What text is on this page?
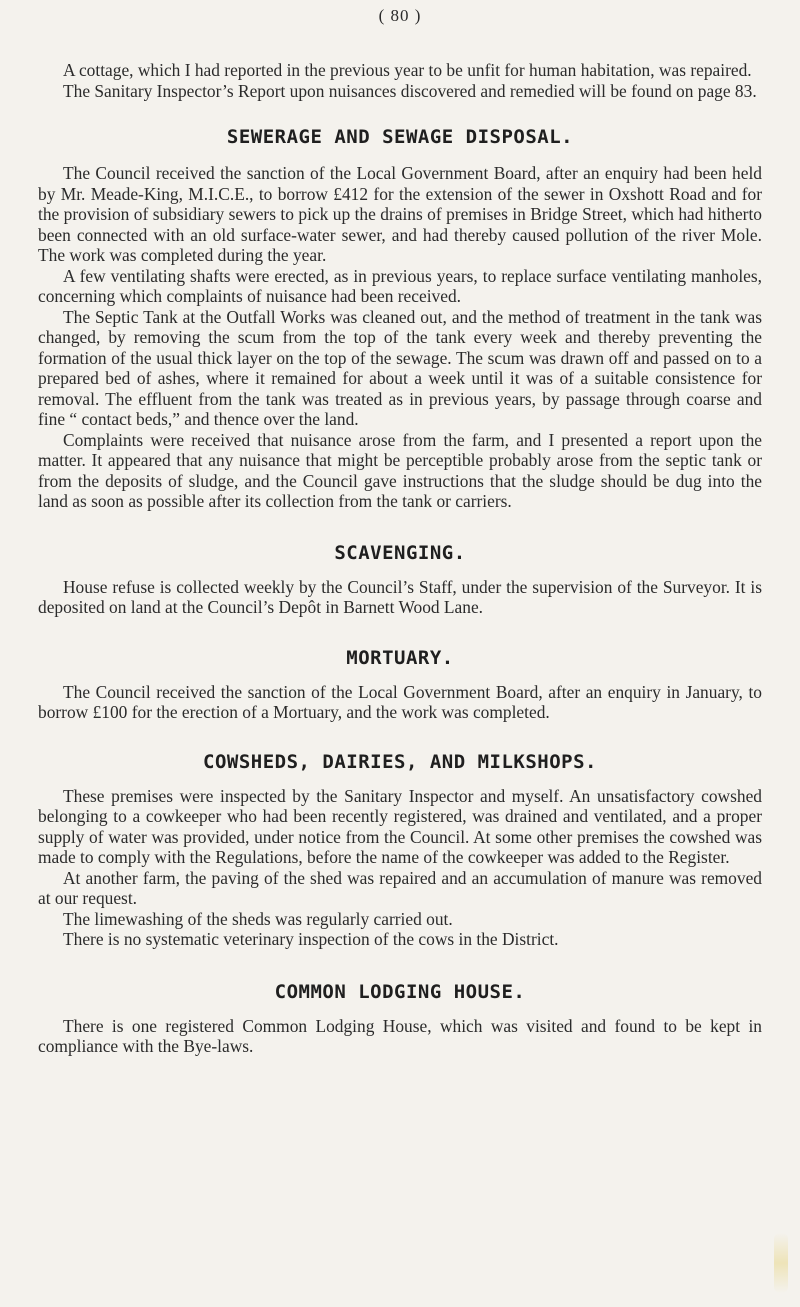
( 80 )

A cottage, which I had reported in the previous year to be unfit for human habitation, was repaired.

The Sanitary Inspector’s Report upon nuisances discovered and remedied will be found on page 83.

SEWERAGE AND SEWAGE DISPOSAL.

The Council received the sanction of the Local Government Board, after an enquiry had been held by Mr. Meade-King, M.I.C.E., to borrow £412 for the extension of the sewer in Oxshott Road and for the provision of subsidiary sewers to pick up the drains of premises in Bridge Street, which had hitherto been connected with an old surface-water sewer, and had thereby caused pollution of the river Mole. The work was completed during the year.

A few ventilating shafts were erected, as in previous years, to replace surface ventilating manholes, concerning which complaints of nuisance had been received.

The Septic Tank at the Outfall Works was cleaned out, and the method of treatment in the tank was changed, by removing the scum from the top of the tank every week and thereby preventing the formation of the usual thick layer on the top of the sewage. The scum was drawn off and passed on to a prepared bed of ashes, where it remained for about a week until it was of a suitable consistence for removal. The effluent from the tank was treated as in previous years, by passage through coarse and fine “ contact beds,” and thence over the land.

Complaints were received that nuisance arose from the farm, and I presented a report upon the matter. It appeared that any nuisance that might be perceptible probably arose from the septic tank or from the deposits of sludge, and the Council gave instructions that the sludge should be dug into the land as soon as possible after its collection from the tank or carriers.

SCAVENGING.

House refuse is collected weekly by the Council’s Staff, under the supervision of the Surveyor. It is deposited on land at the Council’s Depôt in Barnett Wood Lane.

MORTUARY.

The Council received the sanction of the Local Government Board, after an enquiry in January, to borrow £100 for the erection of a Mortuary, and the work was completed.

COWSHEDS, DAIRIES, AND MILKSHOPS.

These premises were inspected by the Sanitary Inspector and myself. An unsatisfactory cowshed belonging to a cowkeeper who had been recently registered, was drained and ventilated, and a proper supply of water was provided, under notice from the Council. At some other premises the cowshed was made to comply with the Regulations, before the name of the cowkeeper was added to the Register.

At another farm, the paving of the shed was repaired and an accumulation of manure was removed at our request.

The limewashing of the sheds was regularly carried out.

There is no systematic veterinary inspection of the cows in the District.

COMMON LODGING HOUSE.

There is one registered Common Lodging House, which was visited and found to be kept in compliance with the Bye-laws.
